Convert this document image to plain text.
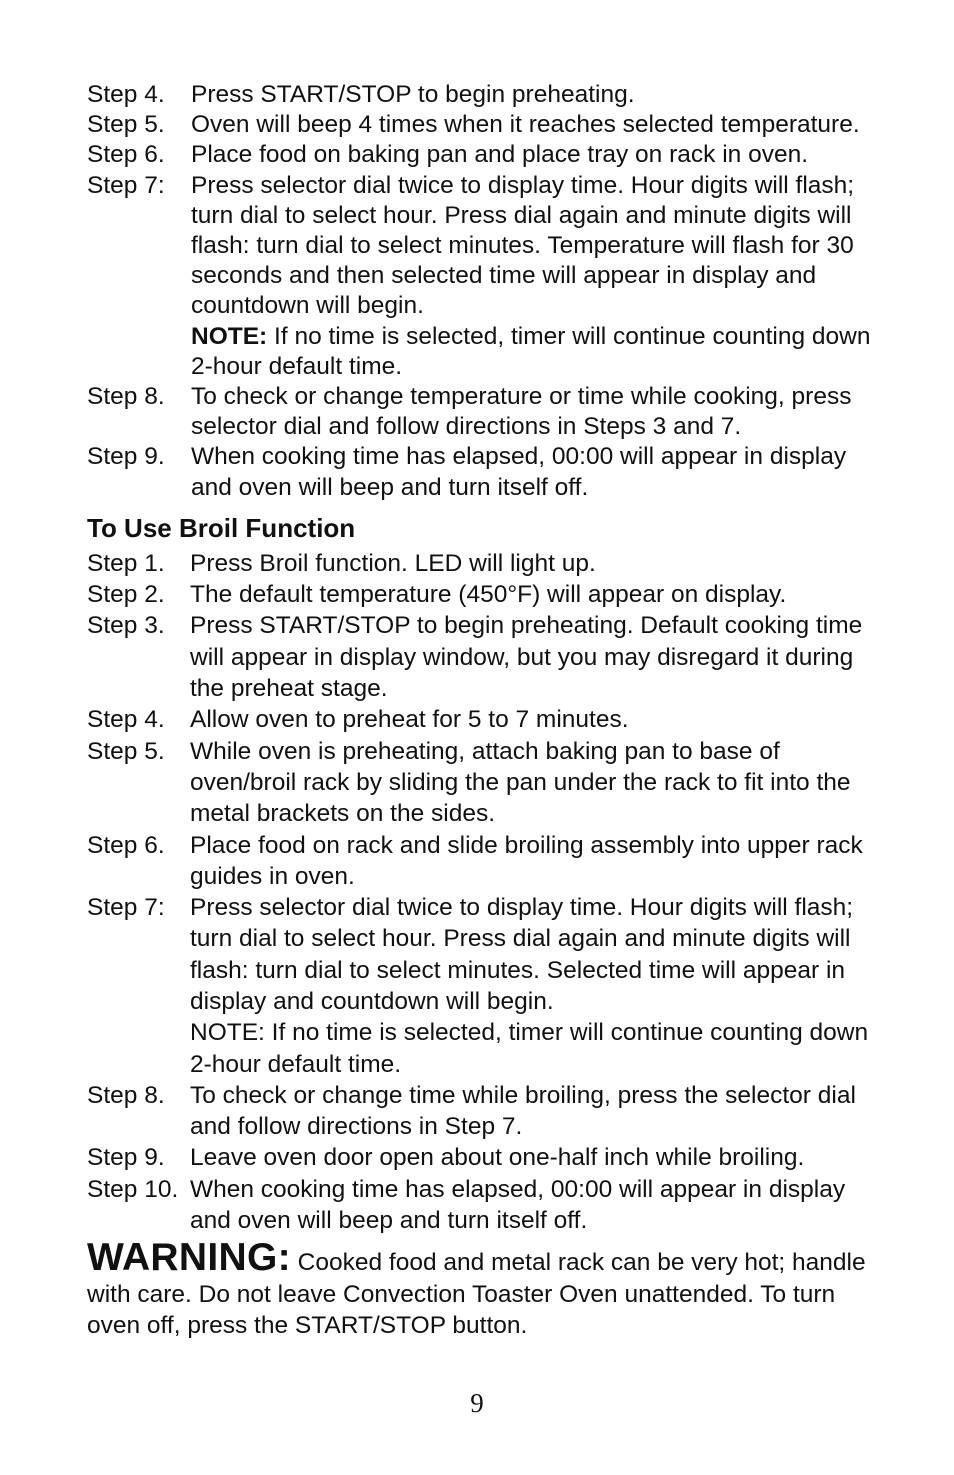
Step 4.	Press START/STOP to begin preheating.
Step 5.	Oven will beep 4 times when it reaches selected temperature.
Step 6.	Place food on baking pan and place tray on rack in oven.
Step 7:	Press selector dial twice to display time. Hour digits will flash; turn dial to select hour. Press dial again and minute digits will flash: turn dial to select minutes. Temperature will flash for 30 seconds and then selected time will appear in display and countdown will begin.
NOTE: If no time is selected, timer will continue counting down 2-hour default time.
Step 8.	To check or change temperature or time while cooking, press selector dial and follow directions in Steps 3 and 7.
Step 9.	When cooking time has elapsed, 00:00 will appear in display and oven will beep and turn itself off.
To Use Broil Function
Step 1.	Press Broil function. LED will light up.
Step 2.	The default temperature (450°F) will appear on display.
Step 3.	Press START/STOP to begin preheating. Default cooking time will appear in display window, but you may disregard it during the preheat stage.
Step 4.	Allow oven to preheat for 5 to 7 minutes.
Step 5.	While oven is preheating, attach baking pan to base of oven/broil rack by sliding the pan under the rack to fit into the metal brackets on the sides.
Step 6.	Place food on rack and slide broiling assembly into upper rack guides in oven.
Step 7:	Press selector dial twice to display time. Hour digits will flash; turn dial to select hour. Press dial again and minute digits will flash: turn dial to select minutes. Selected time will appear in display and countdown will begin.
NOTE: If no time is selected, timer will continue counting down 2-hour default time.
Step 8.	To check or change time while broiling, press the selector dial and follow directions in Step 7.
Step 9.	Leave oven door open about one-half inch while broiling.
Step 10. When cooking time has elapsed, 00:00 will appear in display and oven will beep and turn itself off.
WARNING: Cooked food and metal rack can be very hot; handle with care. Do not leave Convection Toaster Oven unattended. To turn oven off, press the START/STOP button.
9
